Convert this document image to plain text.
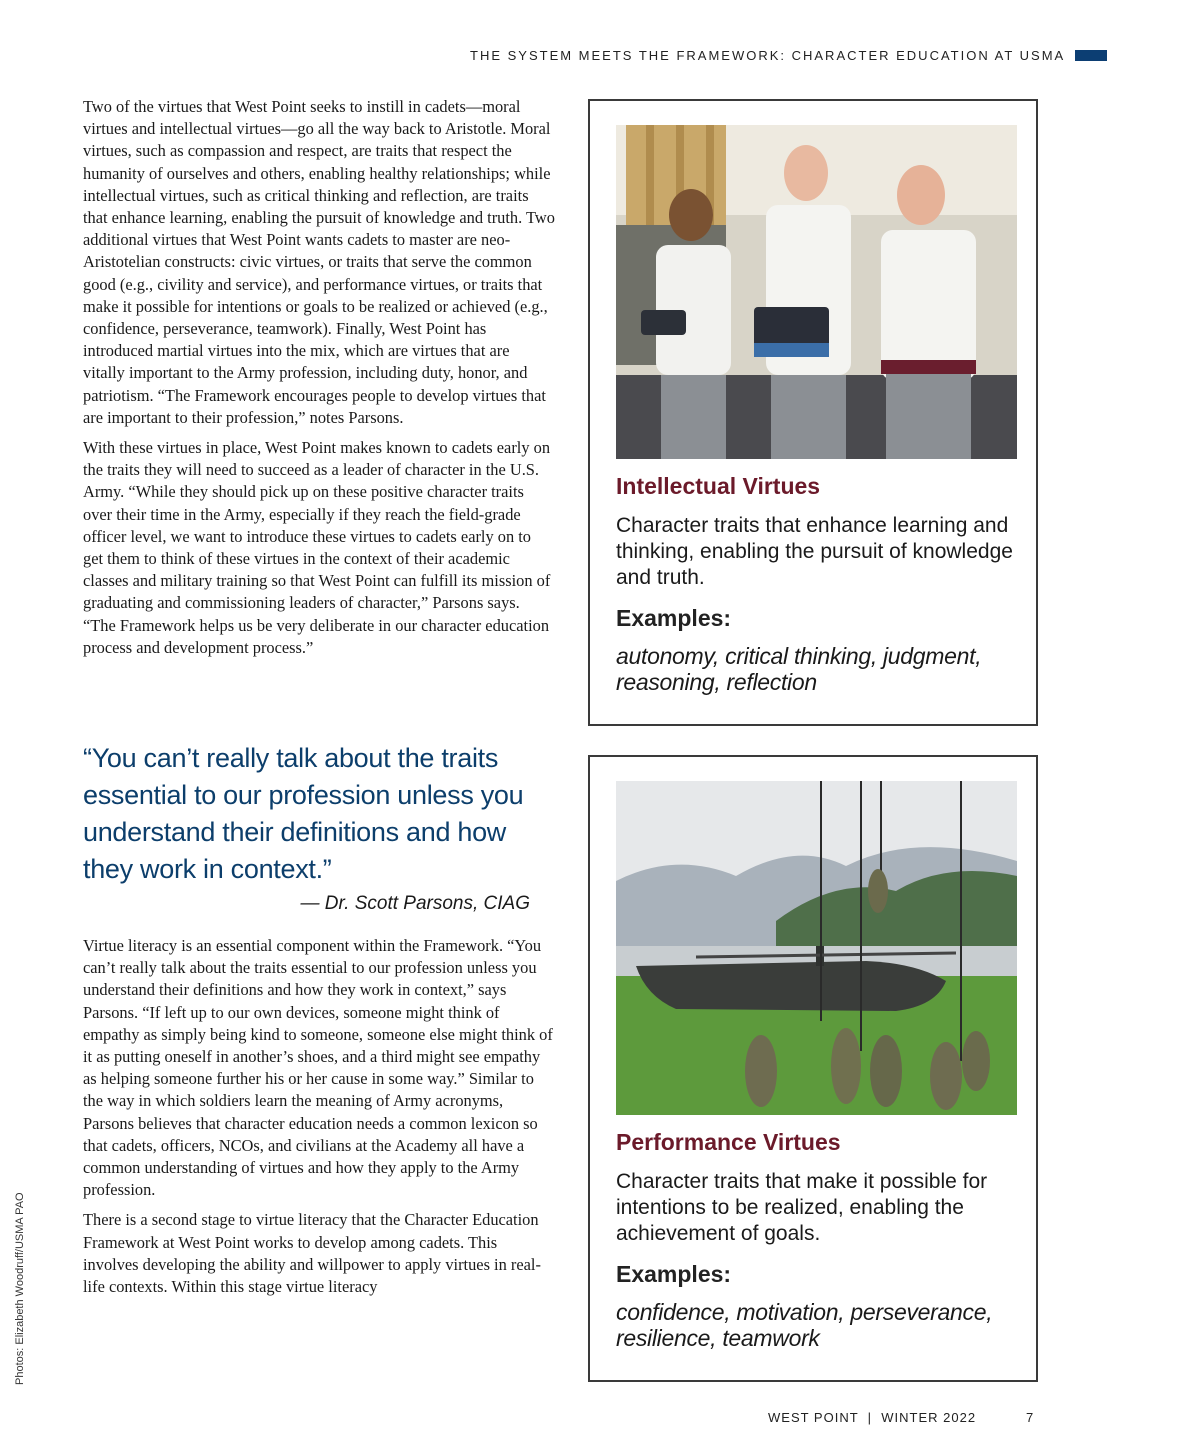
THE SYSTEM MEETS THE FRAMEWORK: CHARACTER EDUCATION AT USMA

Two of the virtues that West Point seeks to instill in cadets—moral virtues and intellectual virtues—go all the way back to Aristotle. Moral virtues, such as compassion and respect, are traits that respect the humanity of ourselves and others, enabling healthy relationships; while intellectual virtues, such as critical thinking and reflection, are traits that enhance learning, enabling the pursuit of knowledge and truth. Two additional virtues that West Point wants cadets to master are neo-Aristotelian constructs: civic virtues, or traits that serve the common good (e.g., civility and service), and performance virtues, or traits that make it possible for intentions or goals to be realized or achieved (e.g., confidence, perseverance, teamwork). Finally, West Point has introduced martial virtues into the mix, which are virtues that are vitally important to the Army profession, including duty, honor, and patriotism. “The Framework encourages people to develop virtues that are important to their profession,” notes Parsons.

With these virtues in place, West Point makes known to cadets early on the traits they will need to succeed as a leader of character in the U.S. Army. “While they should pick up on these positive character traits over their time in the Army, especially if they reach the field-grade officer level, we want to introduce these virtues to cadets early on to get them to think of these virtues in the context of their academic classes and military training so that West Point can fulfill its mission of graduating and commissioning leaders of character,” Parsons says. “The Framework helps us be very deliberate in our character education process and development process.”

“You can’t really talk about the traits essential to our profession unless you understand their definitions and how they work in context.”
— Dr. Scott Parsons, CIAG

Virtue literacy is an essential component within the Framework. “You can’t really talk about the traits essential to our profession unless you understand their definitions and how they work in context,” says Parsons. “If left up to our own devices, someone might think of empathy as simply being kind to someone, someone else might think of it as putting oneself in another’s shoes, and a third might see empathy as helping someone further his or her cause in some way.” Similar to the way in which soldiers learn the meaning of Army acronyms, Parsons believes that character education needs a common lexicon so that cadets, officers, NCOs, and civilians at the Academy all have a common understanding of virtues and how they apply to the Army profession.

There is a second stage to virtue literacy that the Character Education Framework at West Point works to develop among cadets. This involves developing the ability and willpower to apply virtues in real-life contexts. Within this stage virtue literacy

Photos: Elizabeth Woodruff/USMA PAO
Intellectual Virtues
Character traits that enhance learning and thinking, enabling the pursuit of knowledge and truth.
Examples:
autonomy, critical thinking, judgment, reasoning, reflection
Performance Virtues
Character traits that make it possible for intentions to be realized, enabling the achievement of goals.
Examples:
confidence, motivation, perseverance, resilience, teamwork
WEST POINT  |  WINTER 2022	7
